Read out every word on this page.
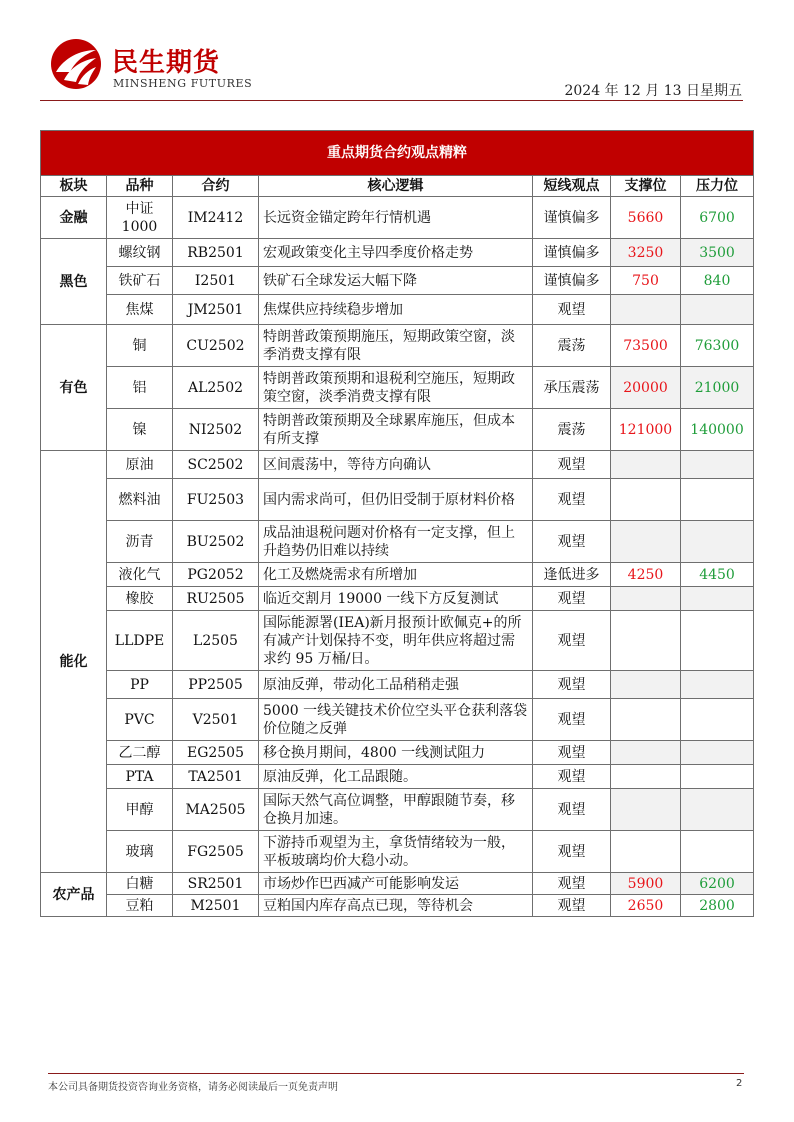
民生期货
MINSHENG FUTURES	2024 年 12 月 13 日星期五
重点期货合约观点精粹						
板块	品种	合约	核心逻辑	短线观点	支撑位	压力位
金融	中证1000	IM2412	长远资金锚定跨年行情机遇	谨慎偏多	5660	6700
黑色	螺纹钢	RB2501	宏观政策变化主导四季度价格走势	谨慎偏多	3250	3500
	铁矿石	I2501	铁矿石全球发运大幅下降	谨慎偏多	750	840
	焦煤	JM2501	焦煤供应持续稳步增加	观望		
有色	铜	CU2502	特朗普政策预期施压，短期政策空窗，淡季消费支撑有限	震荡	73500	76300
	铝	AL2502	特朗普政策预期和退税利空施压，短期政策空窗，淡季消费支撑有限	承压震荡	20000	21000
	镍	NI2502	特朗普政策预期及全球累库施压，但成本有所支撑	震荡	121000	140000
能化	原油	SC2502	区间震荡中，等待方向确认	观望		
	燃料油	FU2503	国内需求尚可，但仍旧受制于原材料价格	观望		
	沥青	BU2502	成品油退税问题对价格有一定支撑，但上升趋势仍旧难以持续	观望		
	液化气	PG2052	化工及燃烧需求有所增加	逢低进多	4250	4450
	橡胶	RU2505	临近交割月 19000 一线下方反复测试	观望		
	LLDPE	L2505	国际能源署(IEA)新月报预计欧佩克+的所有减产计划保持不变，明年供应将超过需求约 95 万桶/日。	观望		
	PP	PP2505	原油反弹，带动化工品稍稍走强	观望		
	PVC	V2501	5000 一线关键技术价位空头平仓获利落袋价位随之反弹	观望		
	乙二醇	EG2505	移仓换月期间，4800 一线测试阻力	观望		
	PTA	TA2501	原油反弹，化工品跟随。	观望		
	甲醇	MA2505	国际天然气高位调整，甲醇跟随节奏，移仓换月加速。	观望		
	玻璃	FG2505	下游持币观望为主，拿货情绪较为一般，平板玻璃均价大稳小动。	观望		
农产品	白糖	SR2501	市场炒作巴西减产可能影响发运	观望	5900	6200
	豆粕	M2501	豆粕国内库存高点已现，等待机会	观望	2650	2800
本公司具备期货投资咨询业务资格，请务必阅读最后一页免责声明	2
